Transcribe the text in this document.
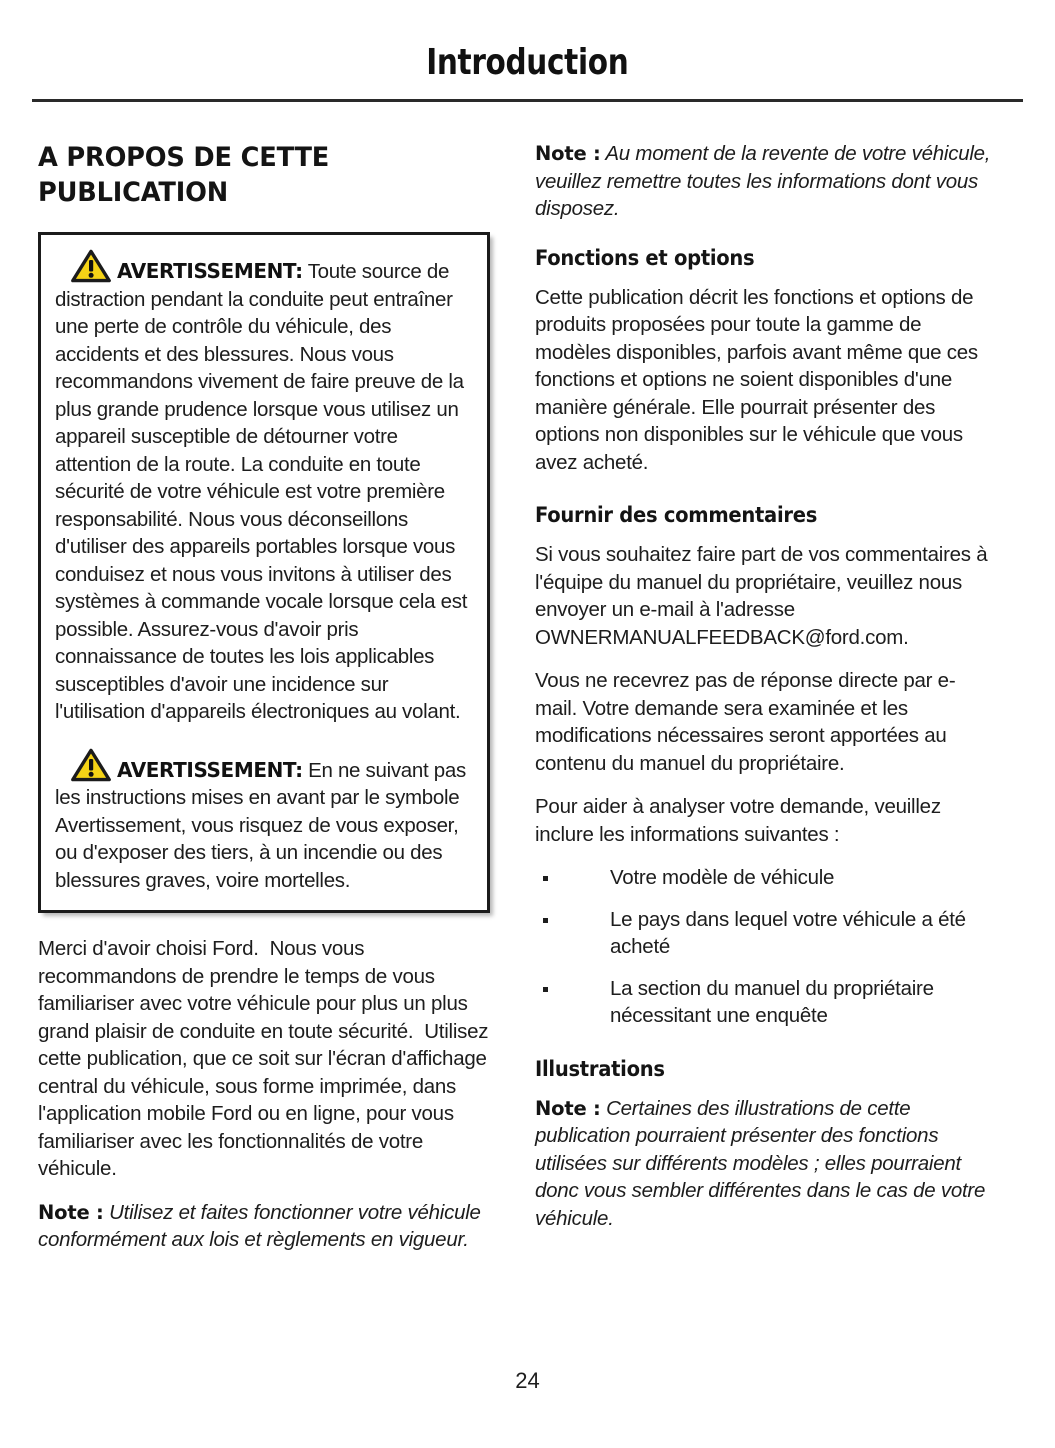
Introduction
A PROPOS DE CETTE PUBLICATION

AVERTISSEMENT: Toute source de distraction pendant la conduite peut entraîner une perte de contrôle du véhicule, des accidents et des blessures. Nous vous recommandons vivement de faire preuve de la plus grande prudence lorsque vous utilisez un appareil susceptible de détourner votre attention de la route. La conduite en toute sécurité de votre véhicule est votre première responsabilité. Nous vous déconseillons d'utiliser des appareils portables lorsque vous conduisez et nous vous invitons à utiliser des systèmes à commande vocale lorsque cela est possible. Assurez-vous d'avoir pris connaissance de toutes les lois applicables susceptibles d'avoir une incidence sur l'utilisation d'appareils électroniques au volant.

AVERTISSEMENT: En ne suivant pas les instructions mises en avant par le symbole Avertissement, vous risquez de vous exposer, ou d'exposer des tiers, à un incendie ou des blessures graves, voire mortelles.

Merci d'avoir choisi Ford.  Nous vous recommandons de prendre le temps de vous familiariser avec votre véhicule pour plus un plus grand plaisir de conduite en toute sécurité.  Utilisez cette publication, que ce soit sur l'écran d'affichage central du véhicule, sous forme imprimée, dans l'application mobile Ford ou en ligne, pour vous familiariser avec les fonctionnalités de votre véhicule.

Note : Utilisez et faites fonctionner votre véhicule conformément aux lois et règlements en vigueur.

Note : Au moment de la revente de votre véhicule, veuillez remettre toutes les informations dont vous disposez.

Fonctions et options

Cette publication décrit les fonctions et options de produits proposées pour toute la gamme de modèles disponibles, parfois avant même que ces fonctions et options ne soient disponibles d'une manière générale. Elle pourrait présenter des options non disponibles sur le véhicule que vous avez acheté.

Fournir des commentaires

Si vous souhaitez faire part de vos commentaires à l'équipe du manuel du propriétaire, veuillez nous envoyer un e-mail à l'adresse OWNERMANUALFEEDBACK@ford.com.

Vous ne recevrez pas de réponse directe par e-mail. Votre demande sera examinée et les modifications nécessaires seront apportées au contenu du manuel du propriétaire.

Pour aider à analyser votre demande, veuillez inclure les informations suivantes :

Votre modèle de véhicule
Le pays dans lequel votre véhicule a été acheté
La section du manuel du propriétaire nécessitant une enquête
Illustrations

Note : Certaines des illustrations de cette publication pourraient présenter des fonctions utilisées sur différents modèles ; elles pourraient donc vous sembler différentes dans le cas de votre véhicule.

24
